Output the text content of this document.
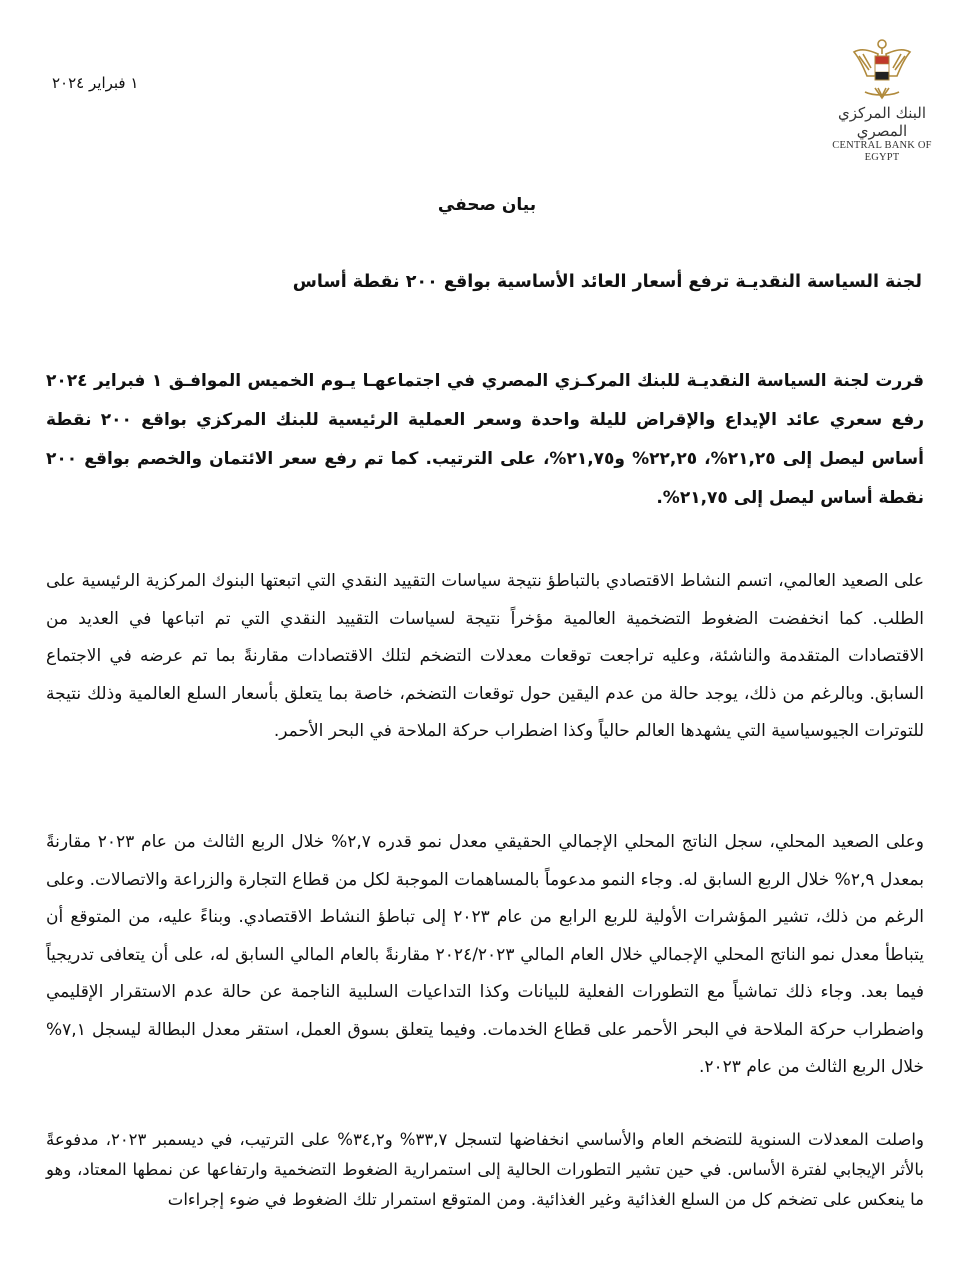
البنك المركزي المصري
CENTRAL BANK OF EGYPT
١ فبراير ٢٠٢٤
بيان صحفي
لجنة السياسة النقديـة ترفع أسعار العائد الأساسية بواقع ٢٠٠ نقطة أساس

قررت لجنة السياسة النقديـة للبنك المركـزي المصري في اجتماعهـا يـوم الخميس الموافـق ١ فبراير ٢٠٢٤ رفع سعري عائد الإيداع والإقراض لليلة واحدة وسعر العملية الرئيسية للبنك المركزي بواقع ٢٠٠ نقطة أساس ليصل إلى ٢١,٢٥%، ٢٢,٢٥% و٢١,٧٥%، على الترتيب. كما تم رفع سعر الائتمان والخصم بواقع ٢٠٠ نقطة أساس ليصل إلى ٢١,٧٥%.

على الصعيد العالمي، اتسم النشاط الاقتصادي بالتباطؤ نتيجة سياسات التقييد النقدي التي اتبعتها البنوك المركزية الرئيسية على الطلب. كما انخفضت الضغوط التضخمية العالمية مؤخراً نتيجة لسياسات التقييد النقدي التي تم اتباعها في العديد من الاقتصادات المتقدمة والناشئة، وعليه تراجعت توقعات معدلات التضخم لتلك الاقتصادات مقارنةً بما تم عرضه في الاجتماع السابق. وبالرغم من ذلك، يوجد حالة من عدم اليقين حول توقعات التضخم، خاصة بما يتعلق بأسعار السلع العالمية وذلك نتيجة للتوترات الجيوسياسية التي يشهدها العالم حالياً وكذا اضطراب حركة الملاحة في البحر الأحمر.

وعلى الصعيد المحلي، سجل الناتج المحلي الإجمالي الحقيقي معدل نمو قدره ٢,٧% خلال الربع الثالث من عام ٢٠٢٣ مقارنةً بمعدل ٢,٩% خلال الربع السابق له. وجاء النمو مدعوماً بالمساهمات الموجبة لكل من قطاع التجارة والزراعة والاتصالات. وعلى الرغم من ذلك، تشير المؤشرات الأولية للربع الرابع من عام ٢٠٢٣ إلى تباطؤ النشاط الاقتصادي. وبناءً عليه، من المتوقع أن يتباطأ معدل نمو الناتج المحلي الإجمالي خلال العام المالي ٢٠٢٤/٢٠٢٣ مقارنةً بالعام المالي السابق له، على أن يتعافى تدريجياً فيما بعد. وجاء ذلك تماشياً مع التطورات الفعلية للبيانات وكذا التداعيات السلبية الناجمة عن حالة عدم الاستقرار الإقليمي واضطراب حركة الملاحة في البحر الأحمر على قطاع الخدمات. وفيما يتعلق بسوق العمل، استقر معدل البطالة ليسجل ٧,١% خلال الربع الثالث من عام ٢٠٢٣.

واصلت المعدلات السنوية للتضخم العام والأساسي انخفاضها لتسجل ٣٣,٧% و٣٤,٢% على الترتيب، في ديسمبر ٢٠٢٣، مدفوعةً بالأثر الإيجابي لفترة الأساس. في حين تشير التطورات الحالية إلى استمرارية الضغوط التضخمية وارتفاعها عن نمطها المعتاد، وهو ما ينعكس على تضخم كل من السلع الغذائية وغير الغذائية. ومن المتوقع استمرار تلك الضغوط في ضوء إجراءات
